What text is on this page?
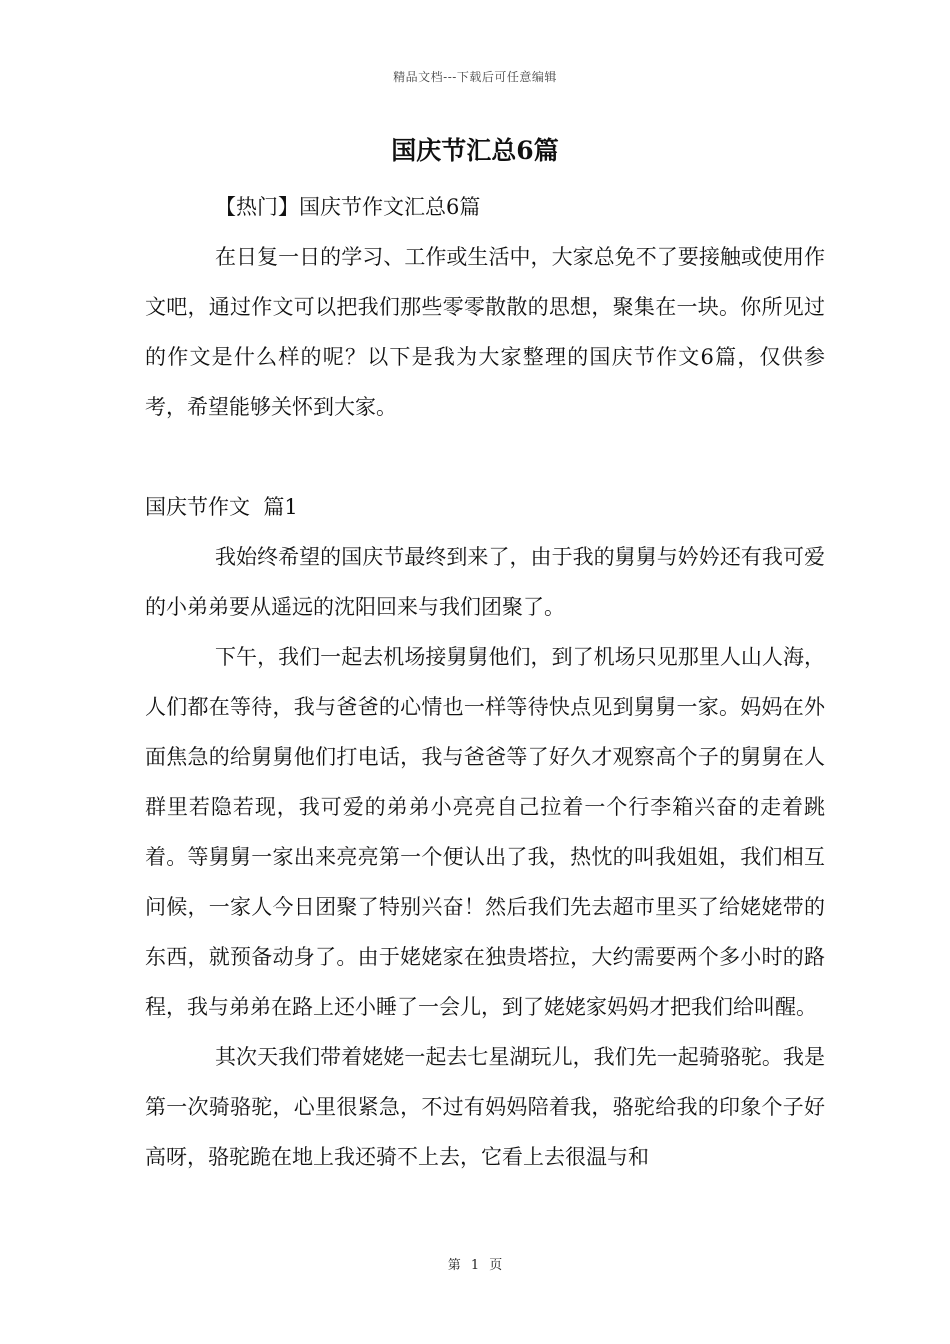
精品文档---下载后可任意编辑
国庆节汇总6篇

【热门】国庆节作文汇总6篇

在日复一日的学习、工作或生活中，大家总免不了要接触或使用作文吧，通过作文可以把我们那些零零散散的思想，聚集在一块。你所见过的作文是什么样的呢？以下是我为大家整理的国庆节作文6篇，仅供参考，希望能够关怀到大家。

国庆节作文  篇1

我始终希望的国庆节最终到来了，由于我的舅舅与妗妗还有我可爱的小弟弟要从遥远的沈阳回来与我们团聚了。

下午，我们一起去机场接舅舅他们，到了机场只见那里人山人海，人们都在等待，我与爸爸的心情也一样等待快点见到舅舅一家。妈妈在外面焦急的给舅舅他们打电话，我与爸爸等了好久才观察高个子的舅舅在人群里若隐若现，我可爱的弟弟小亮亮自己拉着一个行李箱兴奋的走着跳着。等舅舅一家出来亮亮第一个便认出了我，热忱的叫我姐姐，我们相互问候，一家人今日团聚了特别兴奋！然后我们先去超市里买了给姥姥带的东西，就预备动身了。由于姥姥家在独贵塔拉，大约需要两个多小时的路程，我与弟弟在路上还小睡了一会儿，到了姥姥家妈妈才把我们给叫醒。

其次天我们带着姥姥一起去七星湖玩儿，我们先一起骑骆驼。我是第一次骑骆驼，心里很紧急，不过有妈妈陪着我，骆驼给我的印象个子好高呀，骆驼跪在地上我还骑不上去，它看上去很温与和

第 1 页
